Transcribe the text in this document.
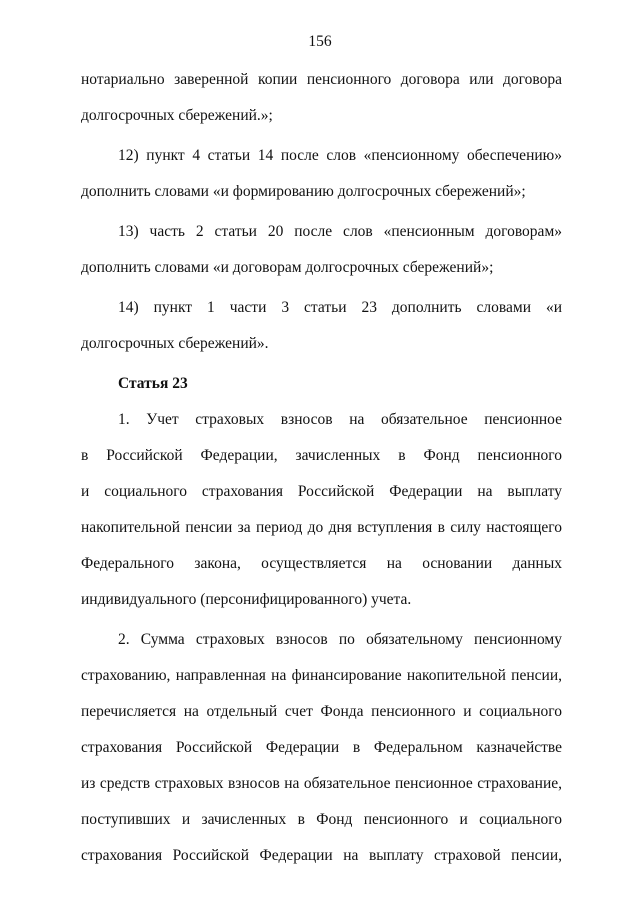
156
нотариально заверенной копии пенсионного договора или договора
долгосрочных сбережений.»;
12) пункт 4 статьи 14 после слов «пенсионному обеспечению»
дополнить словами «и формированию долгосрочных сбережений»;
13) часть 2 статьи 20 после слов «пенсионным договорам»
дополнить словами «и договорам долгосрочных сбережений»;
14) пункт 1 части 3 статьи 23 дополнить словами «и
долгосрочных сбережений».
Статья 23
1. Учет страховых взносов на обязательное пенсионное
в Российской Федерации, зачисленных в Фонд пенсионного
и социального страхования Российской Федерации на выплату
накопительной пенсии за период до дня вступления в силу настоящего
Федерального закона, осуществляется на основании данных
индивидуального (персонифицированного) учета.
2. Сумма страховых взносов по обязательному пенсионному
страхованию, направленная на финансирование накопительной пенсии,
перечисляется на отдельный счет Фонда пенсионного и социального
страхования Российской Федерации в Федеральном казначействе
из средств страховых взносов на обязательное пенсионное страхование,
поступивших и зачисленных в Фонд пенсионного и социального
страхования Российской Федерации на выплату страховой пенсии,
